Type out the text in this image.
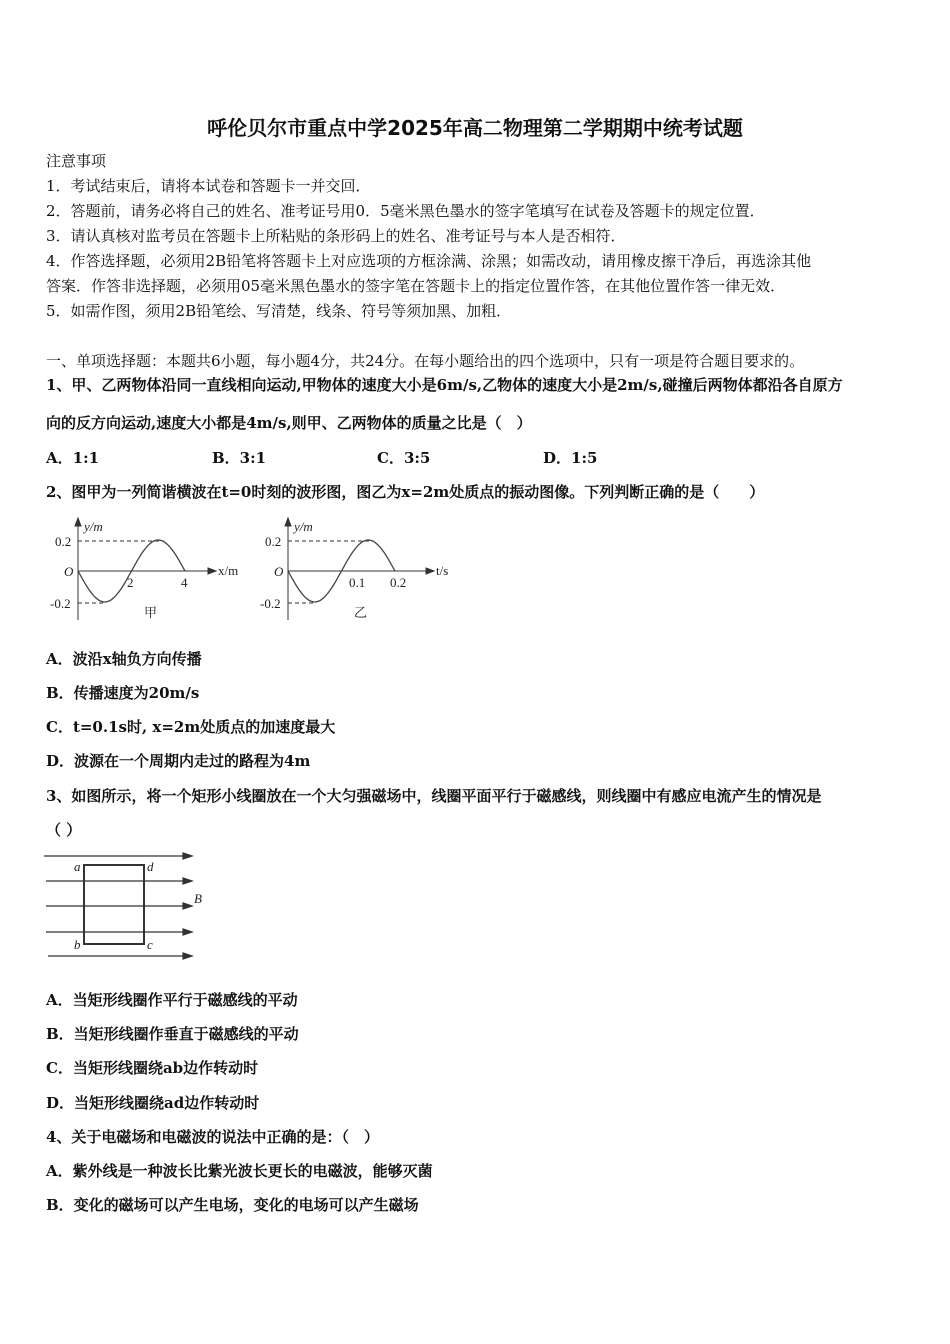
呼伦贝尔市重点中学2025年高二物理第二学期期中统考试题
注意事项
1．考试结束后，请将本试卷和答题卡一并交回．
2．答题前，请务必将自己的姓名、准考证号用0．5毫米黑色墨水的签字笔填写在试卷及答题卡的规定位置．
3．请认真核对监考员在答题卡上所粘贴的条形码上的姓名、准考证号与本人是否相符．
4．作答选择题，必须用2B铅笔将答题卡上对应选项的方框涂满、涂黑；如需改动，请用橡皮擦干净后，再选涂其他
答案．作答非选择题，必须用05毫米黑色墨水的签字笔在答题卡上的指定位置作答，在其他位置作答一律无效．
5．如需作图，须用2B铅笔绘、写清楚，线条、符号等须加黑、加粗．
一、单项选择题：本题共6小题，每小题4分，共24分。在每小题给出的四个选项中，只有一项是符合题目要求的。
1、甲、乙两物体沿同一直线相向运动,甲物体的速度大小是6m/s,乙物体的速度大小是2m/s,碰撞后两物体都沿各自原方
向的反方向运动,速度大小都是4m/s,则甲、乙两物体的质量之比是（　）
A．1:1	B．3:1	C．3:5	D．1:5
2、图甲为一列简谐横波在t=0时刻的波形图，图乙为x=2m处质点的振动图像。下列判断正确的是（　　）
y/m
x/m
0.2
-0.2
O
2	4
甲
y/m
t/s
0.2
-0.2
O
0.1 0.2
乙
A．波沿x轴负方向传播
B．传播速度为20m/s
C．t=0.1s时, x=2m处质点的加速度最大
D．波源在一个周期内走过的路程为4m
3、如图所示，将一个矩形小线圈放在一个大匀强磁场中，线圈平面平行于磁感线，则线圈中有感应电流产生的情况是
（ ）
a	d
b	c
B
A．当矩形线圈作平行于磁感线的平动
B．当矩形线圈作垂直于磁感线的平动
C．当矩形线圈绕ab边作转动时
D．当矩形线圈绕ad边作转动时
4、关于电磁场和电磁波的说法中正确的是：（　）
A．紫外线是一种波长比紫光波长更长的电磁波，能够灭菌
B．变化的磁场可以产生电场，变化的电场可以产生磁场
